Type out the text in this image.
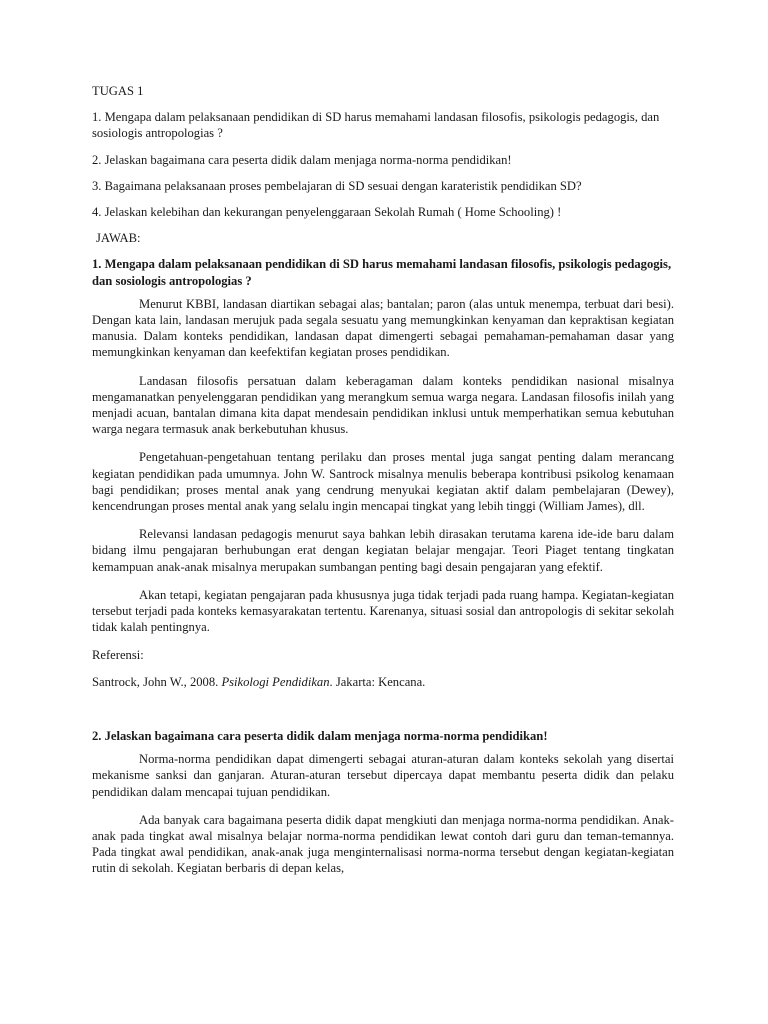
TUGAS 1

1. Mengapa dalam pelaksanaan pendidikan di SD harus memahami landasan filosofis, psikologis pedagogis, dan sosiologis antropologias ?

2. Jelaskan bagaimana cara peserta didik dalam menjaga norma-norma pendidikan!

3. Bagaimana pelaksanaan proses pembelajaran di SD sesuai dengan karateristik pendidikan SD?

4. Jelaskan kelebihan dan kekurangan penyelenggaraan Sekolah Rumah ( Home Schooling) !

JAWAB:

1. Mengapa dalam pelaksanaan pendidikan di SD harus memahami landasan filosofis, psikologis pedagogis, dan sosiologis antropologias ?

Menurut KBBI, landasan diartikan sebagai alas; bantalan; paron (alas untuk menempa, terbuat dari besi). Dengan kata lain, landasan merujuk pada segala sesuatu yang memungkinkan kenyaman dan kepraktisan kegiatan manusia. Dalam konteks pendidikan, landasan dapat dimengerti sebagai pemahaman-pemahaman dasar yang memungkinkan kenyaman dan keefektifan kegiatan proses pendidikan.

Landasan filosofis persatuan dalam keberagaman dalam konteks pendidikan nasional misalnya mengamanatkan penyelenggaran pendidikan yang merangkum semua warga negara. Landasan filosofis inilah yang menjadi acuan, bantalan dimana kita dapat mendesain pendidikan inklusi untuk memperhatikan semua kebutuhan warga negara termasuk anak berkebutuhan khusus.

Pengetahuan-pengetahuan tentang perilaku dan proses mental juga sangat penting dalam merancang kegiatan pendidikan pada umumnya. John W. Santrock misalnya menulis beberapa kontribusi psikolog kenamaan bagi pendidikan; proses mental anak yang cendrung menyukai kegiatan aktif dalam pembelajaran (Dewey), kencendrungan proses mental anak yang selalu ingin mencapai tingkat yang lebih tinggi (William James), dll.

Relevansi landasan pedagogis menurut saya bahkan lebih dirasakan terutama karena ide-ide baru dalam bidang ilmu pengajaran berhubungan erat dengan kegiatan belajar mengajar. Teori Piaget tentang tingkatan kemampuan anak-anak misalnya merupakan sumbangan penting bagi desain pengajaran yang efektif.

Akan tetapi, kegiatan pengajaran pada khususnya juga tidak terjadi pada ruang hampa. Kegiatan-kegiatan tersebut terjadi pada konteks kemasyarakatan tertentu. Karenanya, situasi sosial dan antropologis di sekitar sekolah tidak kalah pentingnya.

Referensi:

Santrock, John W., 2008. Psikologi Pendidikan. Jakarta: Kencana.

2. Jelaskan bagaimana cara peserta didik dalam menjaga norma-norma pendidikan!

Norma-norma pendidikan dapat dimengerti sebagai aturan-aturan dalam konteks sekolah yang disertai mekanisme sanksi dan ganjaran. Aturan-aturan tersebut dipercaya dapat membantu peserta didik dan pelaku pendidikan dalam mencapai tujuan pendidikan.

Ada banyak cara bagaimana peserta didik dapat mengkiuti dan menjaga norma-norma pendidikan. Anak-anak pada tingkat awal misalnya belajar norma-norma pendidikan lewat contoh dari guru dan teman-temannya. Pada tingkat awal pendidikan, anak-anak juga menginternalisasi norma-norma tersebut dengan kegiatan-kegiatan rutin di sekolah. Kegiatan berbaris di depan kelas,
